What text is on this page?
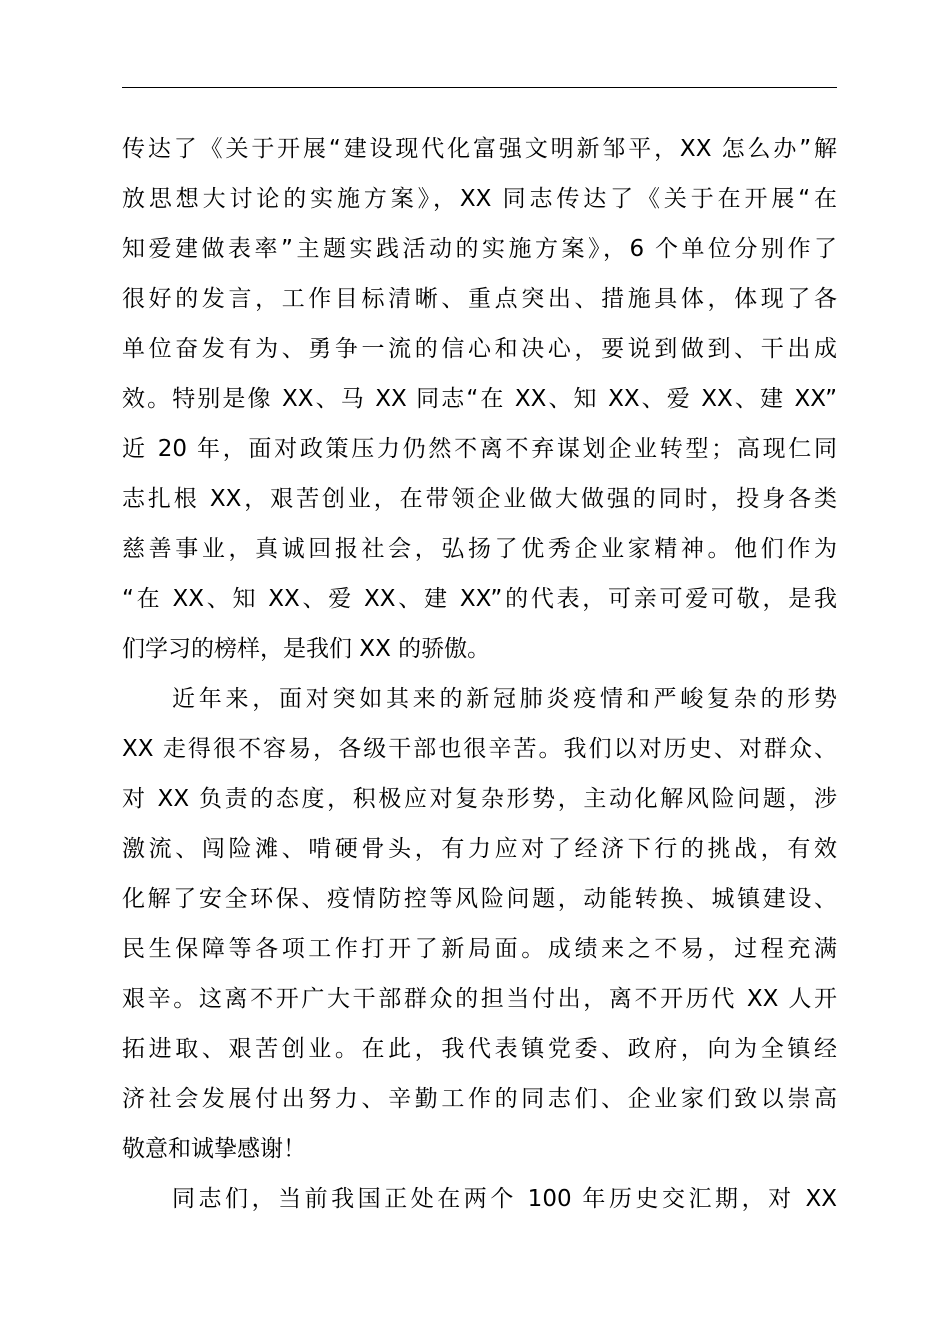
传达了《关于开展“建设现代化富强文明新邹平，XX 怎么办”解
放思想大讨论的实施方案》，XX 同志传达了《关于在开展“在
知爱建做表率”主题实践活动的实施方案》，6 个单位分别作了
很好的发言，工作目标清晰、重点突出、措施具体，体现了各
单位奋发有为、勇争一流的信心和决心，要说到做到、干出成
效。特别是像 XX、马 XX 同志“在 XX、知 XX、爱 XX、建 XX”
近 20 年，面对政策压力仍然不离不弃谋划企业转型；高现仁同
志扎根 XX，艰苦创业，在带领企业做大做强的同时，投身各类
慈善事业，真诚回报社会，弘扬了优秀企业家精神。他们作为
“在 XX、知 XX、爱 XX、建 XX”的代表，可亲可爱可敬，是我
们学习的榜样，是我们 XX 的骄傲。
近年来，面对突如其来的新冠肺炎疫情和严峻复杂的形势
XX 走得很不容易，各级干部也很辛苦。我们以对历史、对群众、
对 XX 负责的态度，积极应对复杂形势，主动化解风险问题，涉
激流、闯险滩、啃硬骨头，有力应对了经济下行的挑战，有效
化解了安全环保、疫情防控等风险问题，动能转换、城镇建设、
民生保障等各项工作打开了新局面。成绩来之不易，过程充满
艰辛。这离不开广大干部群众的担当付出，离不开历代 XX 人开
拓进取、艰苦创业。在此，我代表镇党委、政府，向为全镇经
济社会发展付出努力、辛勤工作的同志们、企业家们致以崇高
敬意和诚挚感谢！
同志们，当前我国正处在两个 100 年历史交汇期，对 XX
